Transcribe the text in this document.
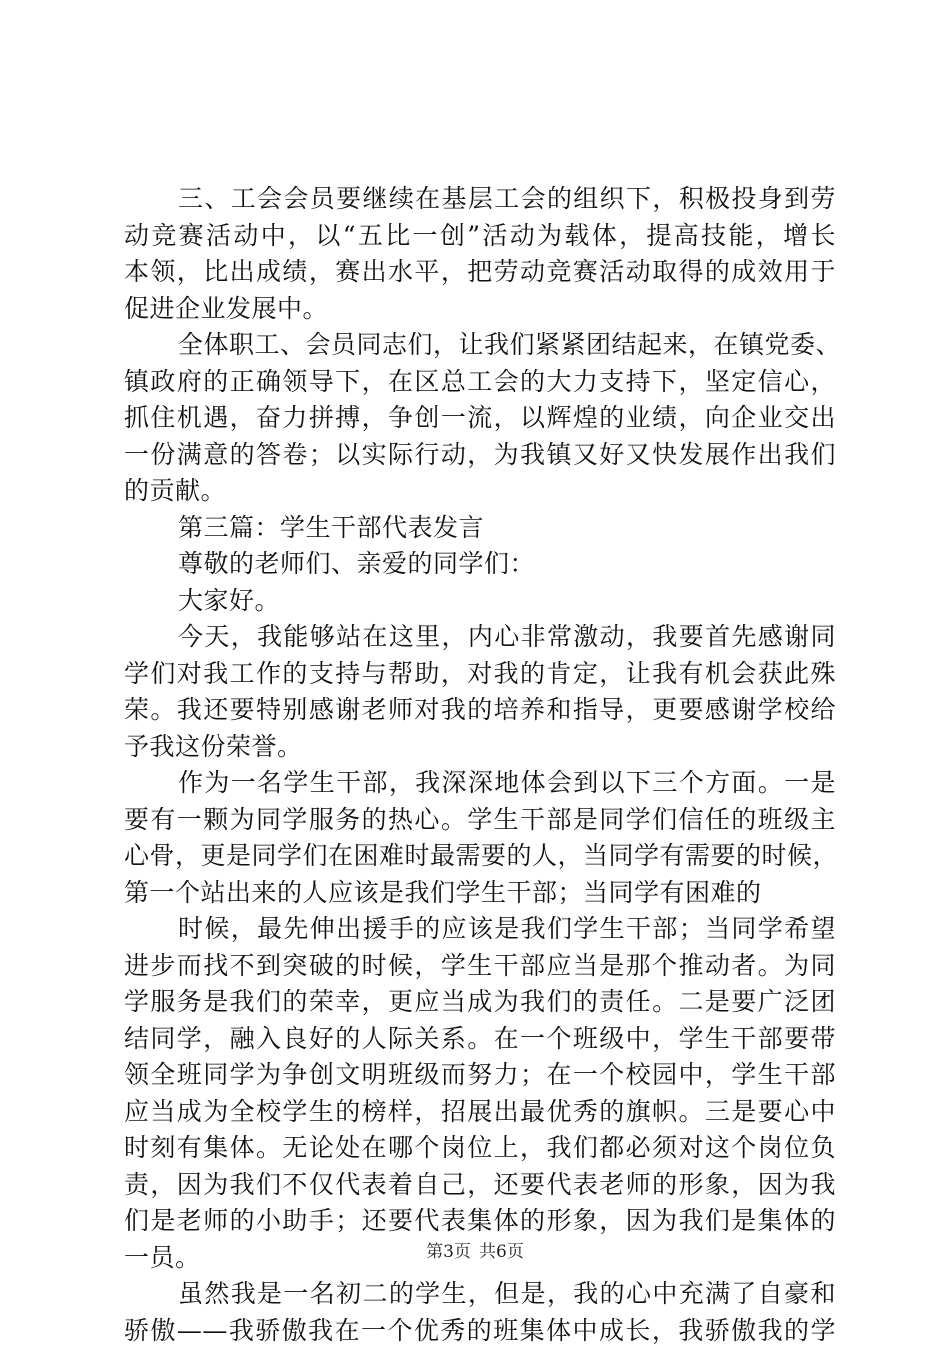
三、工会会员要继续在基层工会的组织下，积极投身到劳
动竞赛活动中，以“五比一创”活动为载体，提高技能，增长
本领，比出成绩，赛出水平，把劳动竞赛活动取得的成效用于
促进企业发展中。
全体职工、会员同志们，让我们紧紧团结起来，在镇党委、
镇政府的正确领导下，在区总工会的大力支持下，坚定信心，
抓住机遇，奋力拼搏，争创一流，以辉煌的业绩，向企业交出
一份满意的答卷；以实际行动，为我镇又好又快发展作出我们
的贡献。
第三篇：学生干部代表发言
尊敬的老师们、亲爱的同学们：
大家好。
今天，我能够站在这里，内心非常激动，我要首先感谢同
学们对我工作的支持与帮助，对我的肯定，让我有机会获此殊
荣。我还要特别感谢老师对我的培养和指导，更要感谢学校给
予我这份荣誉。
作为一名学生干部，我深深地体会到以下三个方面。一是
要有一颗为同学服务的热心。学生干部是同学们信任的班级主
心骨，更是同学们在困难时最需要的人，当同学有需要的时候，
第一个站出来的人应该是我们学生干部；当同学有困难的
时候，最先伸出援手的应该是我们学生干部；当同学希望
进步而找不到突破的时候，学生干部应当是那个推动者。为同
学服务是我们的荣幸，更应当成为我们的责任。二是要广泛团
结同学，融入良好的人际关系。在一个班级中，学生干部要带
领全班同学为争创文明班级而努力；在一个校园中，学生干部
应当成为全校学生的榜样，招展出最优秀的旗帜。三是要心中
时刻有集体。无论处在哪个岗位上，我们都必须对这个岗位负
责，因为我们不仅代表着自己，还要代表老师的形象，因为我
们是老师的小助手；还要代表集体的形象，因为我们是集体的
一员。
虽然我是一名初二的学生，但是，我的心中充满了自豪和
骄傲——我骄傲我在一个优秀的班集体中成长，我骄傲我的学
第3页 共6页
